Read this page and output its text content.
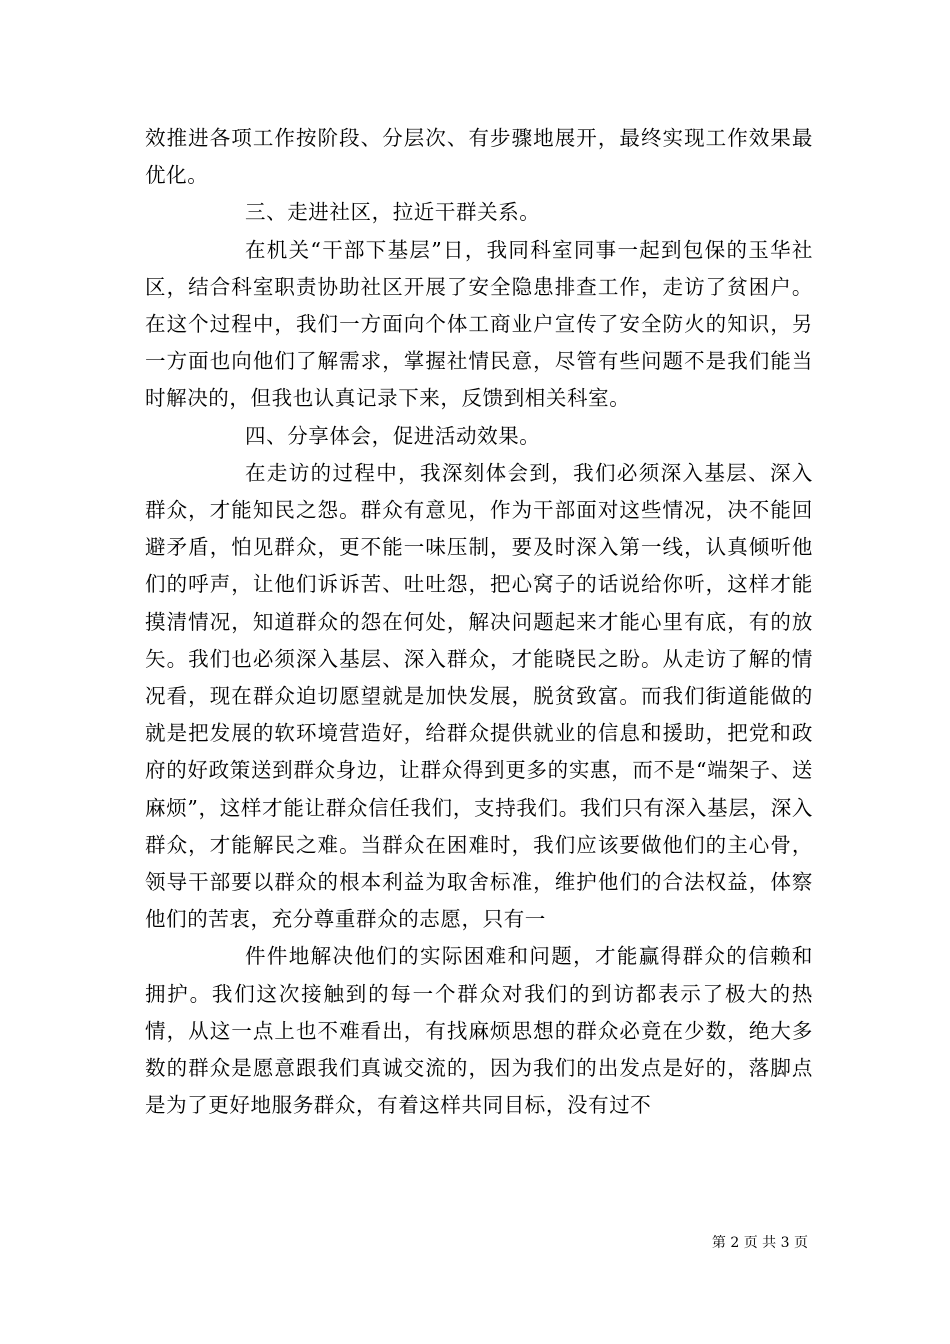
效推进各项工作按阶段、分层次、有步骤地展开，最终实现工作效果最优化。

三、走进社区，拉近干群关系。

在机关“干部下基层”日，我同科室同事一起到包保的玉华社区，结合科室职责协助社区开展了安全隐患排查工作，走访了贫困户。在这个过程中，我们一方面向个体工商业户宣传了安全防火的知识，另一方面也向他们了解需求，掌握社情民意，尽管有些问题不是我们能当时解决的，但我也认真记录下来，反馈到相关科室。

四、分享体会，促进活动效果。

在走访的过程中，我深刻体会到，我们必须深入基层、深入群众，才能知民之怨。群众有意见，作为干部面对这些情况，决不能回避矛盾，怕见群众，更不能一味压制，要及时深入第一线，认真倾听他们的呼声，让他们诉诉苦、吐吐怨，把心窝子的话说给你听，这样才能摸清情况，知道群众的怨在何处，解决问题起来才能心里有底，有的放矢。我们也必须深入基层、深入群众，才能晓民之盼。从走访了解的情况看，现在群众迫切愿望就是加快发展，脱贫致富。而我们街道能做的就是把发展的软环境营造好，给群众提供就业的信息和援助，把党和政府的好政策送到群众身边，让群众得到更多的实惠，而不是“端架子、送麻烦”，这样才能让群众信任我们，支持我们。我们只有深入基层，深入群众，才能解民之难。当群众在困难时，我们应该要做他们的主心骨，领导干部要以群众的根本利益为取舍标准，维护他们的合法权益，体察他们的苦衷，充分尊重群众的志愿，只有一

件件地解决他们的实际困难和问题，才能赢得群众的信赖和拥护。我们这次接触到的每一个群众对我们的到访都表示了极大的热情，从这一点上也不难看出，有找麻烦思想的群众必竟在少数，绝大多数的群众是愿意跟我们真诚交流的，因为我们的出发点是好的，落脚点是为了更好地服务群众，有着这样共同目标，没有过不

第 2 页 共 3 页
